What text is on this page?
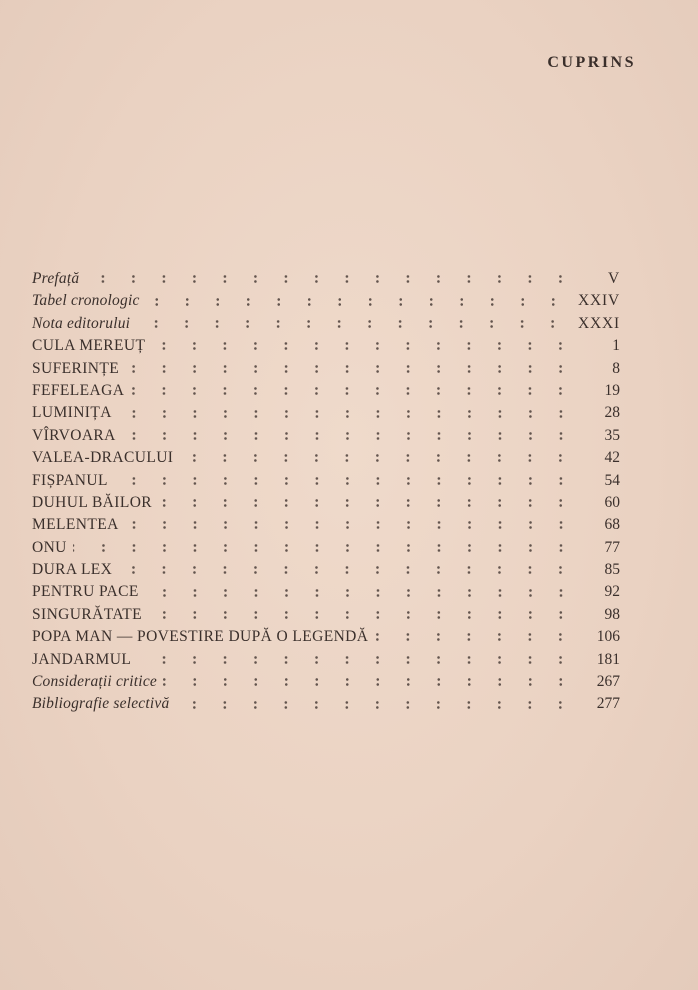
CUPRINS
Prefață	V
Tabel cronologic	XXIV
Nota editorului	XXXI
CULA MEREUȚ	1
SUFERINȚE	8
FEFELEAGA	19
LUMINIȚA	28
VÎRVOARA	35
VALEA-DRACULUI	42
FIȘPANUL	54
DUHUL BĂILOR	60
MELENTEA	68
ONU	77
DURA LEX	85
PENTRU PACE	92
SINGURĂTATE	98
POPA MAN — POVESTIRE DUPĂ O LEGENDĂ	106
JANDARMUL	181
Considerații critice	267
Bibliografie selectivă	277
